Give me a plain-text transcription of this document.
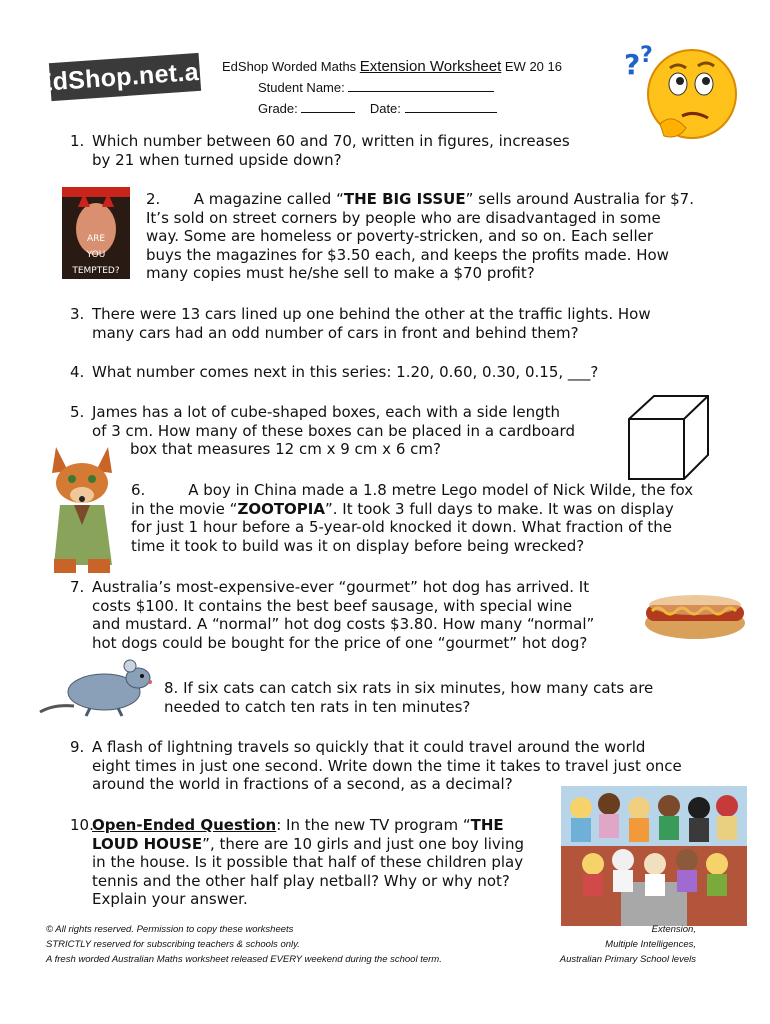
EdShop.net.au EdShop Worded Maths Extension Worksheet EW 20 16
Student Name:
Grade:	Date:
? ?
1. Which number between 60 and 70, written in figures, increases
by 21 when turned upside down?
ARE
YOU
TEMPTED?
2. A magazine called “THE BIG ISSUE” sells around Australia for $7.
It’s sold on street corners by people who are disadvantaged in some
way. Some are homeless or poverty-stricken, and so on. Each seller
buys the magazines for $3.50 each, and keeps the profits made. How
many copies must he/she sell to make a $70 profit?
3. There were 13 cars lined up one behind the other at the traffic lights. How
many cars had an odd number of cars in front and behind them?
4. What number comes next in this series: 1.20, 0.60, 0.30, 0.15, ___?
5. James has a lot of cube-shaped boxes, each with a side length
of 3 cm. How many of these boxes can be placed in a cardboard
box that measures 12 cm x 9 cm x 6 cm?
6.	A boy in China made a 1.8 metre Lego model of Nick Wilde, the fox
in the movie “ZOOTOPIA”. It took 3 full days to make. It was on display
for just 1 hour before a 5-year-old knocked it down. What fraction of the
time it took to build was it on display before being wrecked?
7. Australia’s most-expensive-ever “gourmet” hot dog has arrived. It
costs $100. It contains the best beef sausage, with special wine
and mustard. A “normal” hot dog costs $3.80. How many “normal”
hot dogs could be bought for the price of one “gourmet” hot dog?
8. If six cats can catch six rats in six minutes, how many cats are
needed to catch ten rats in ten minutes?
9. A flash of lightning travels so quickly that it could travel around the world
eight times in just one second. Write down the time it takes to travel just once
around the world in fractions of a second, as a decimal?
10.
Open-Ended Question: In the new TV program “THE
LOUD HOUSE”, there are 10 girls and just one boy living
in the house. Is it possible that half of these children play
tennis and the other half play netball? Why or why not?
Explain your answer.
© All rights reserved. Permission to copy these worksheets
STRICTLY reserved for subscribing teachers & schools only.
A fresh worded Australian Maths worksheet released EVERY weekend during the school term.
Extension,
Multiple Intelligences,
Australian Primary School levels
